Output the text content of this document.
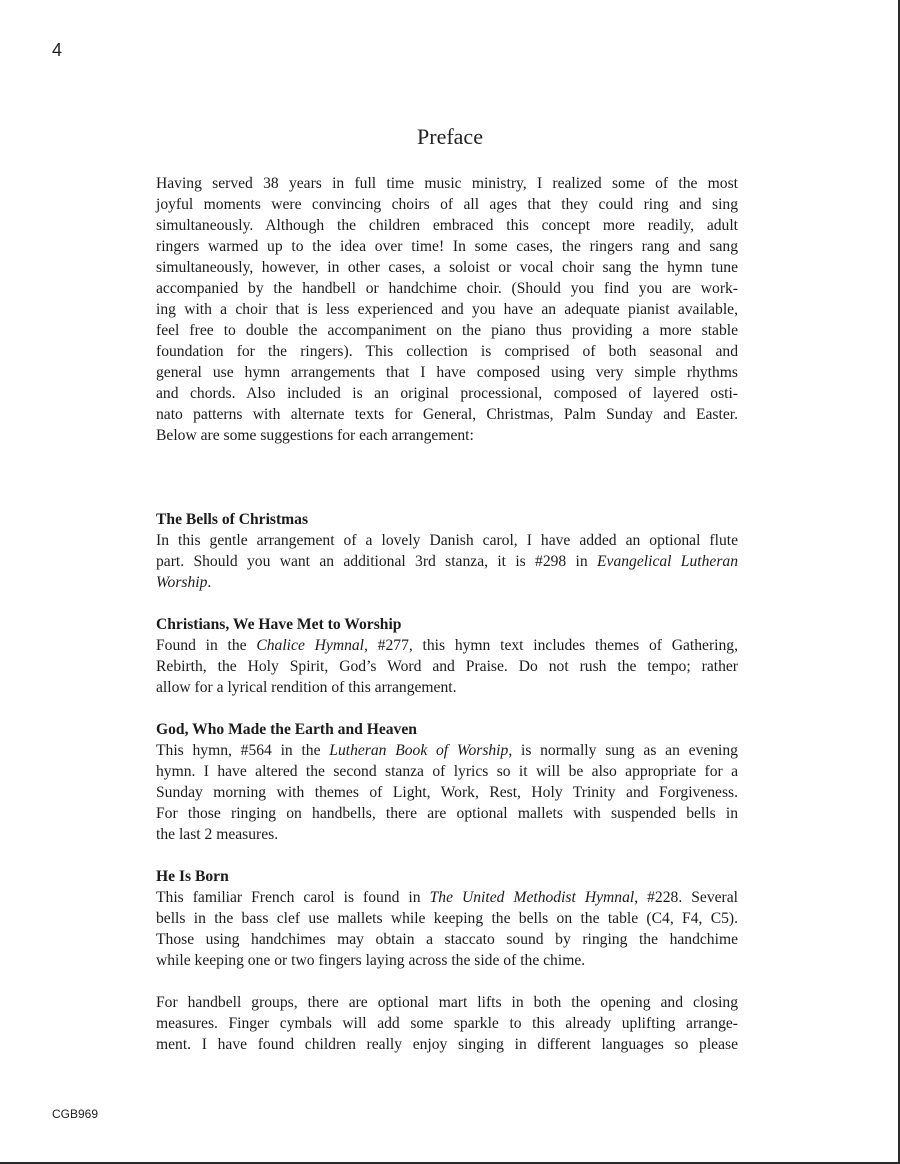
4
Preface
Having served 38 years in full time music ministry, I realized some of the most
joyful moments were convincing choirs of all ages that they could ring and sing
simultaneously. Although the children embraced this concept more readily, adult
ringers warmed up to the idea over time! In some cases, the ringers rang and sang
simultaneously, however, in other cases, a soloist or vocal choir sang the hymn tune
accompanied by the handbell or handchime choir. (Should you find you are work-
ing with a choir that is less experienced and you have an adequate pianist available,
feel free to double the accompaniment on the piano thus providing a more stable
foundation for the ringers). This collection is comprised of both seasonal and
general use hymn arrangements that I have composed using very simple rhythms
and chords. Also included is an original processional, composed of layered osti-
nato patterns with alternate texts for General, Christmas, Palm Sunday and Easter.
Below are some suggestions for each arrangement:
The Bells of Christmas
In this gentle arrangement of a lovely Danish carol, I have added an optional flute
part. Should you want an additional 3rd stanza, it is #298 in Evangelical Lutheran
Worship.
Christians, We Have Met to Worship
Found in the Chalice Hymnal, #277, this hymn text includes themes of Gathering,
Rebirth, the Holy Spirit, God’s Word and Praise. Do not rush the tempo; rather
allow for a lyrical rendition of this arrangement.
God, Who Made the Earth and Heaven
This hymn, #564 in the Lutheran Book of Worship, is normally sung as an evening
hymn. I have altered the second stanza of lyrics so it will be also appropriate for a
Sunday morning with themes of Light, Work, Rest, Holy Trinity and Forgiveness.
For those ringing on handbells, there are optional mallets with suspended bells in
the last 2 measures.
He Is Born
This familiar French carol is found in The United Methodist Hymnal, #228. Several
bells in the bass clef use mallets while keeping the bells on the table (C4, F4, C5).
Those using handchimes may obtain a staccato sound by ringing the handchime
while keeping one or two fingers laying across the side of the chime.
For handbell groups, there are optional mart lifts in both the opening and closing
measures. Finger cymbals will add some sparkle to this already uplifting arrange-
ment. I have found children really enjoy singing in different languages so please
CGB969
